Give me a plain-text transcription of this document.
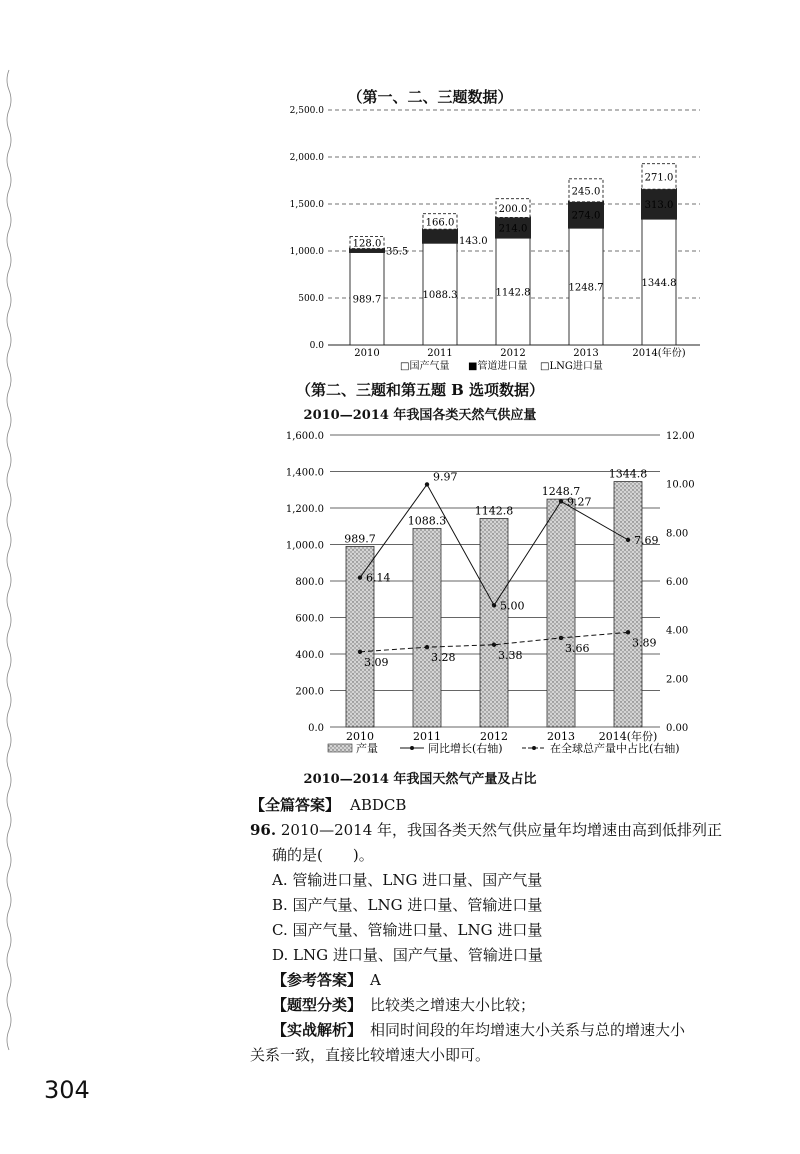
（第一、二、三题数据）
0.0
500.0
1,000.0
1,500.0
2,000.0
2,500.0
989.7
35.5
128.0
2010
1088.3
143.0
166.0
2011
1142.8
214.0
200.0
2012
1248.7
274.0
245.0
2013
1344.8
313.0
271.0
2014(年份)
□国产气量 ■管道进口量 □LNG进口量
（第二、三题和第五题 B 选项数据）
2010—2014 年我国各类天然气供应量
0.0
200.0
400.0
600.0
800.0
1,000.0
1,200.0
1,400.0
1,600.0
0.00
2.00
4.00
6.00
8.00
10.00
12.00
989.7
2010
1088.3
2011
1142.8
2012
1248.7
2013
1344.8
2014(年份)
6.14
9.97
5.00
9.27
7.69
3.09	3.28	3.38
3.66	3.89
产量	同比增长(右轴)	在全球总产量中占比(右轴)
2010—2014 年我国天然气产量及占比
【全篇答案】 ABDCB
96. 2010—2014 年，我国各类天然气供应量年均增速由高到低排列正
确的是(　　)。
A. 管输进口量、LNG 进口量、国产气量
B. 国产气量、LNG 进口量、管输进口量
C. 国产气量、管输进口量、LNG 进口量
D. LNG 进口量、国产气量、管输进口量
【参考答案】 A
【题型分类】 比较类之增速大小比较；
【实战解析】 相同时间段的年均增速大小关系与总的增速大小
关系一致，直接比较增速大小即可。
304
